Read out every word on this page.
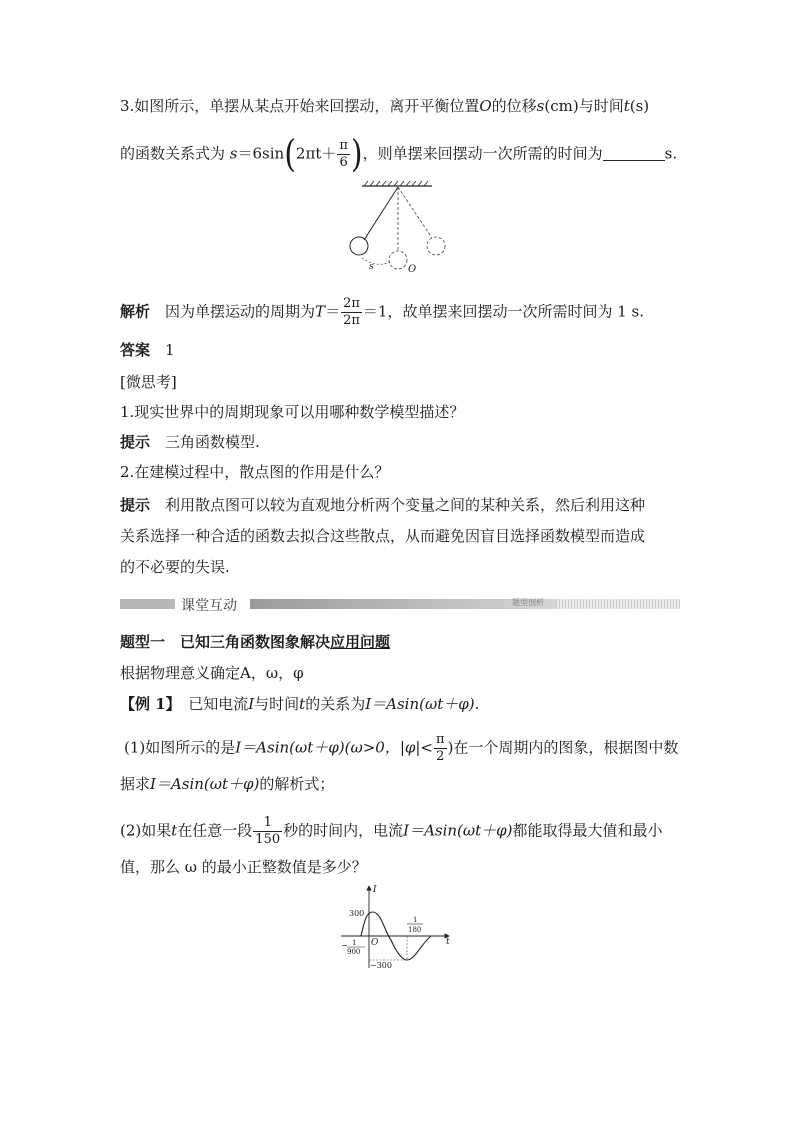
3.如图所示，单摆从某点开始来回摆动，离开平衡位置O的位移s(cm)与时间t(s)
的函数关系式为 $s=6\sin(2\pi t+ \frac{\pi}{6}$ )，则单摆来回摆动一次所需的时间为	s.
s	O
解析　 因为单摆运动的周期为$T= \frac{2\pi}{2\pi} =1$，故单摆来回摆动一次所需时间为 1 s.
答案　 1
[微思考]
1.现实世界中的周期现象可以用哪种数学模型描述？
提示　 三角函数模型.
2.在建模过程中，散点图的作用是什么？
提示　 利用散点图可以较为直观地分析两个变量之间的某种关系，然后利用这种
关系选择一种合适的函数去拟合这些散点，从而避免因盲目选择函数模型而造成
的不必要的失误.
课堂互动	题型剖析
题型一　已知三角函数图象解决应用问题
根据物理意义确定A，ω，φ
【例 1】　 已知电流I与时间t的关系为I＝Asin(ωt＋φ).
(1)如图所示的是I＝Asin(ωt＋φ)(ω>0，$|\varphi|< \frac{\pi}{2}$ )在一个周期内的图象，根据图中数
据求I＝Asin(ωt＋φ)的解析式；
(2)如果t在任意一段 $\frac{1}{150}$ 秒的时间内，电流I＝Asin(ωt＋φ)都能取得最大值和最小
值，那么 ω 的最小正整数值是多少？
I
t
O
300
−300
− 1
900
1
180
